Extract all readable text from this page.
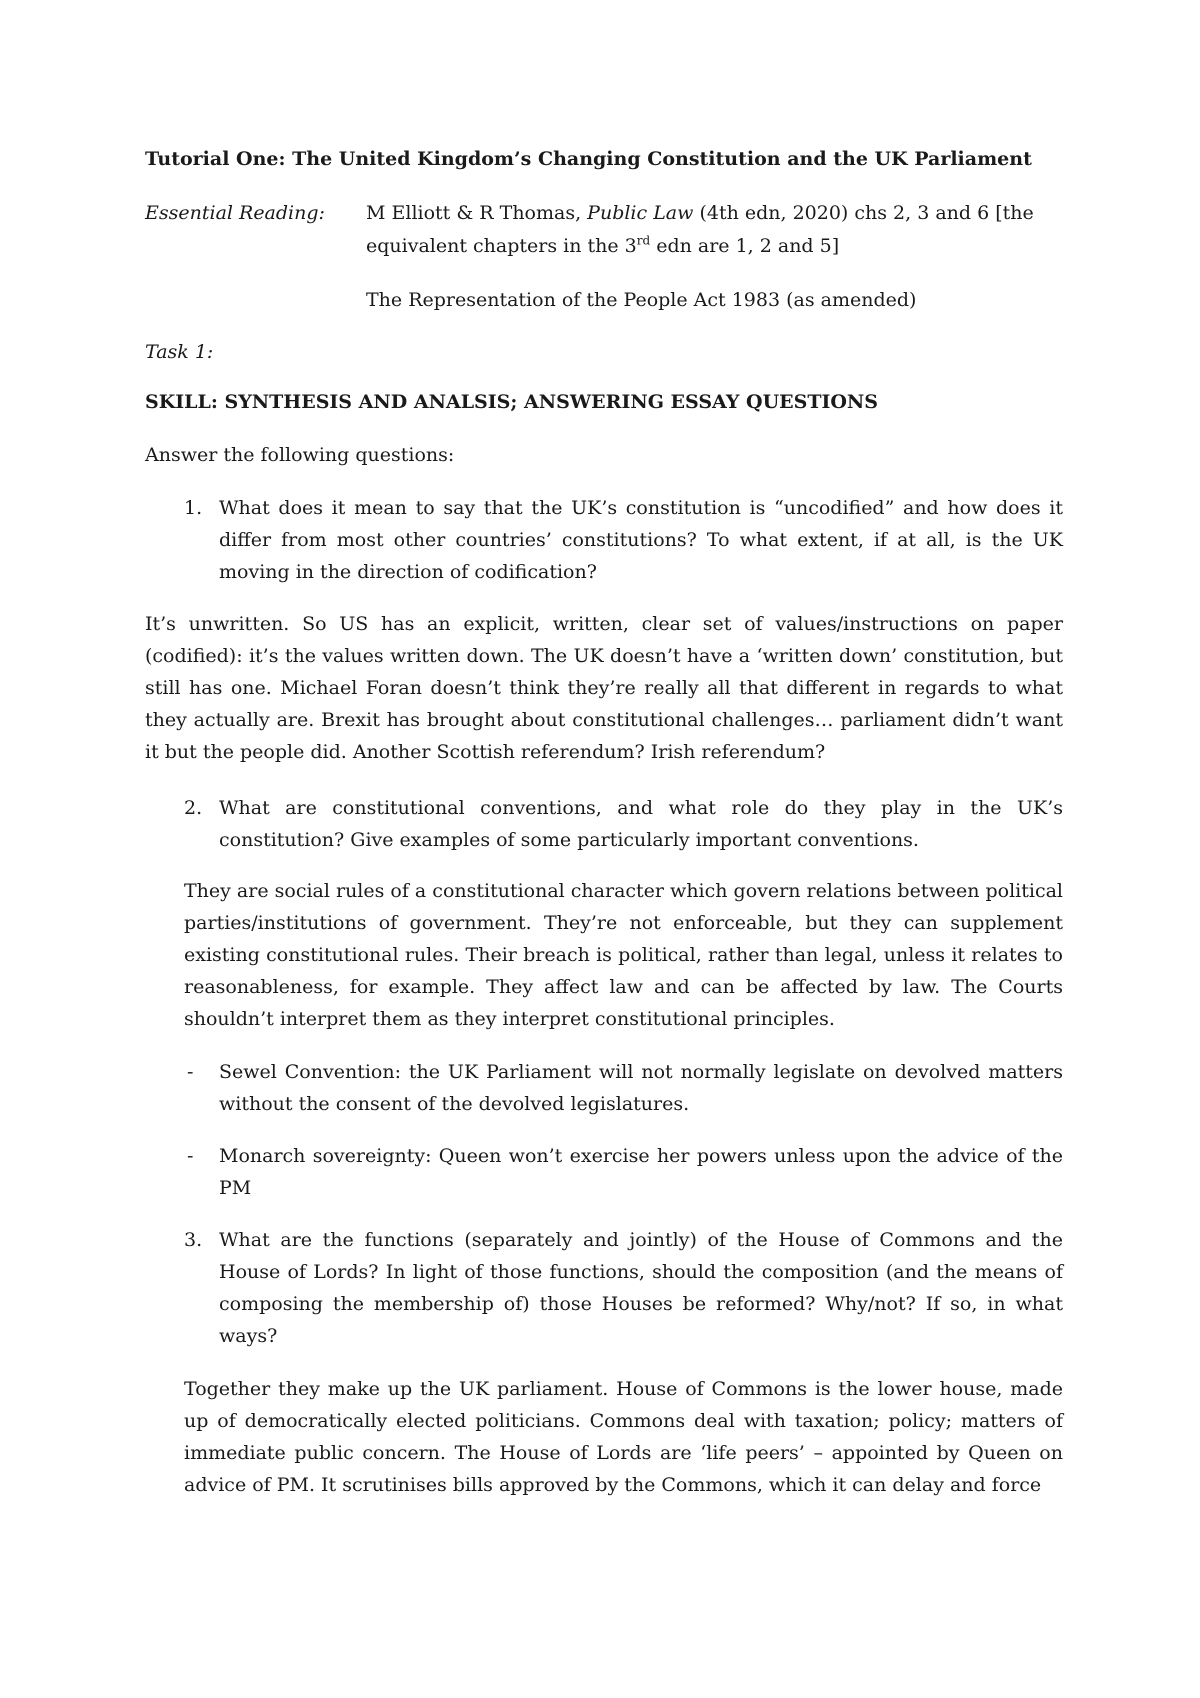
Tutorial One: The United Kingdom’s Changing Constitution and the UK Parliament
Essential Reading: M Elliott & R Thomas, Public Law (4th edn, 2020) chs 2, 3 and 6 [the
equivalent chapters in the 3rd edn are 1, 2 and 5]
The Representation of the People Act 1983 (as amended)
Task 1:
SKILL: SYNTHESIS AND ANALSIS; ANSWERING ESSAY QUESTIONS
Answer the following questions:
1. What does it mean to say that the UK’s constitution is “uncodified” and how does it differ from most other countries’ constitutions? To what extent, if at all, is the UK moving in the direction of codification?
It’s unwritten. So US has an explicit, written, clear set of values/instructions on paper (codified): it’s the values written down. The UK doesn’t have a ‘written down’ constitution, but still has one. Michael Foran doesn’t think they’re really all that different in regards to what they actually are. Brexit has brought about constitutional challenges… parliament didn’t want it but the people did. Another Scottish referendum? Irish referendum?
2. What are constitutional conventions, and what role do they play in the UK’s constitution? Give examples of some particularly important conventions.
They are social rules of a constitutional character which govern relations between political parties/institutions of government. They’re not enforceable, but they can supplement existing constitutional rules. Their breach is political, rather than legal, unless it relates to reasonableness, for example. They affect law and can be affected by law. The Courts shouldn’t interpret them as they interpret constitutional principles.
- Sewel Convention: the UK Parliament will not normally legislate on devolved matters without the consent of the devolved legislatures.
- Monarch sovereignty: Queen won’t exercise her powers unless upon the advice of the PM
3. What are the functions (separately and jointly) of the House of Commons and the House of Lords? In light of those functions, should the composition (and the means of composing the membership of) those Houses be reformed? Why/not? If so, in what ways?
Together they make up the UK parliament. House of Commons is the lower house, made up of democratically elected politicians. Commons deal with taxation; policy; matters of immediate public concern. The House of Lords are ‘life peers’ – appointed by Queen on advice of PM. It scrutinises bills approved by the Commons, which it can delay and force
